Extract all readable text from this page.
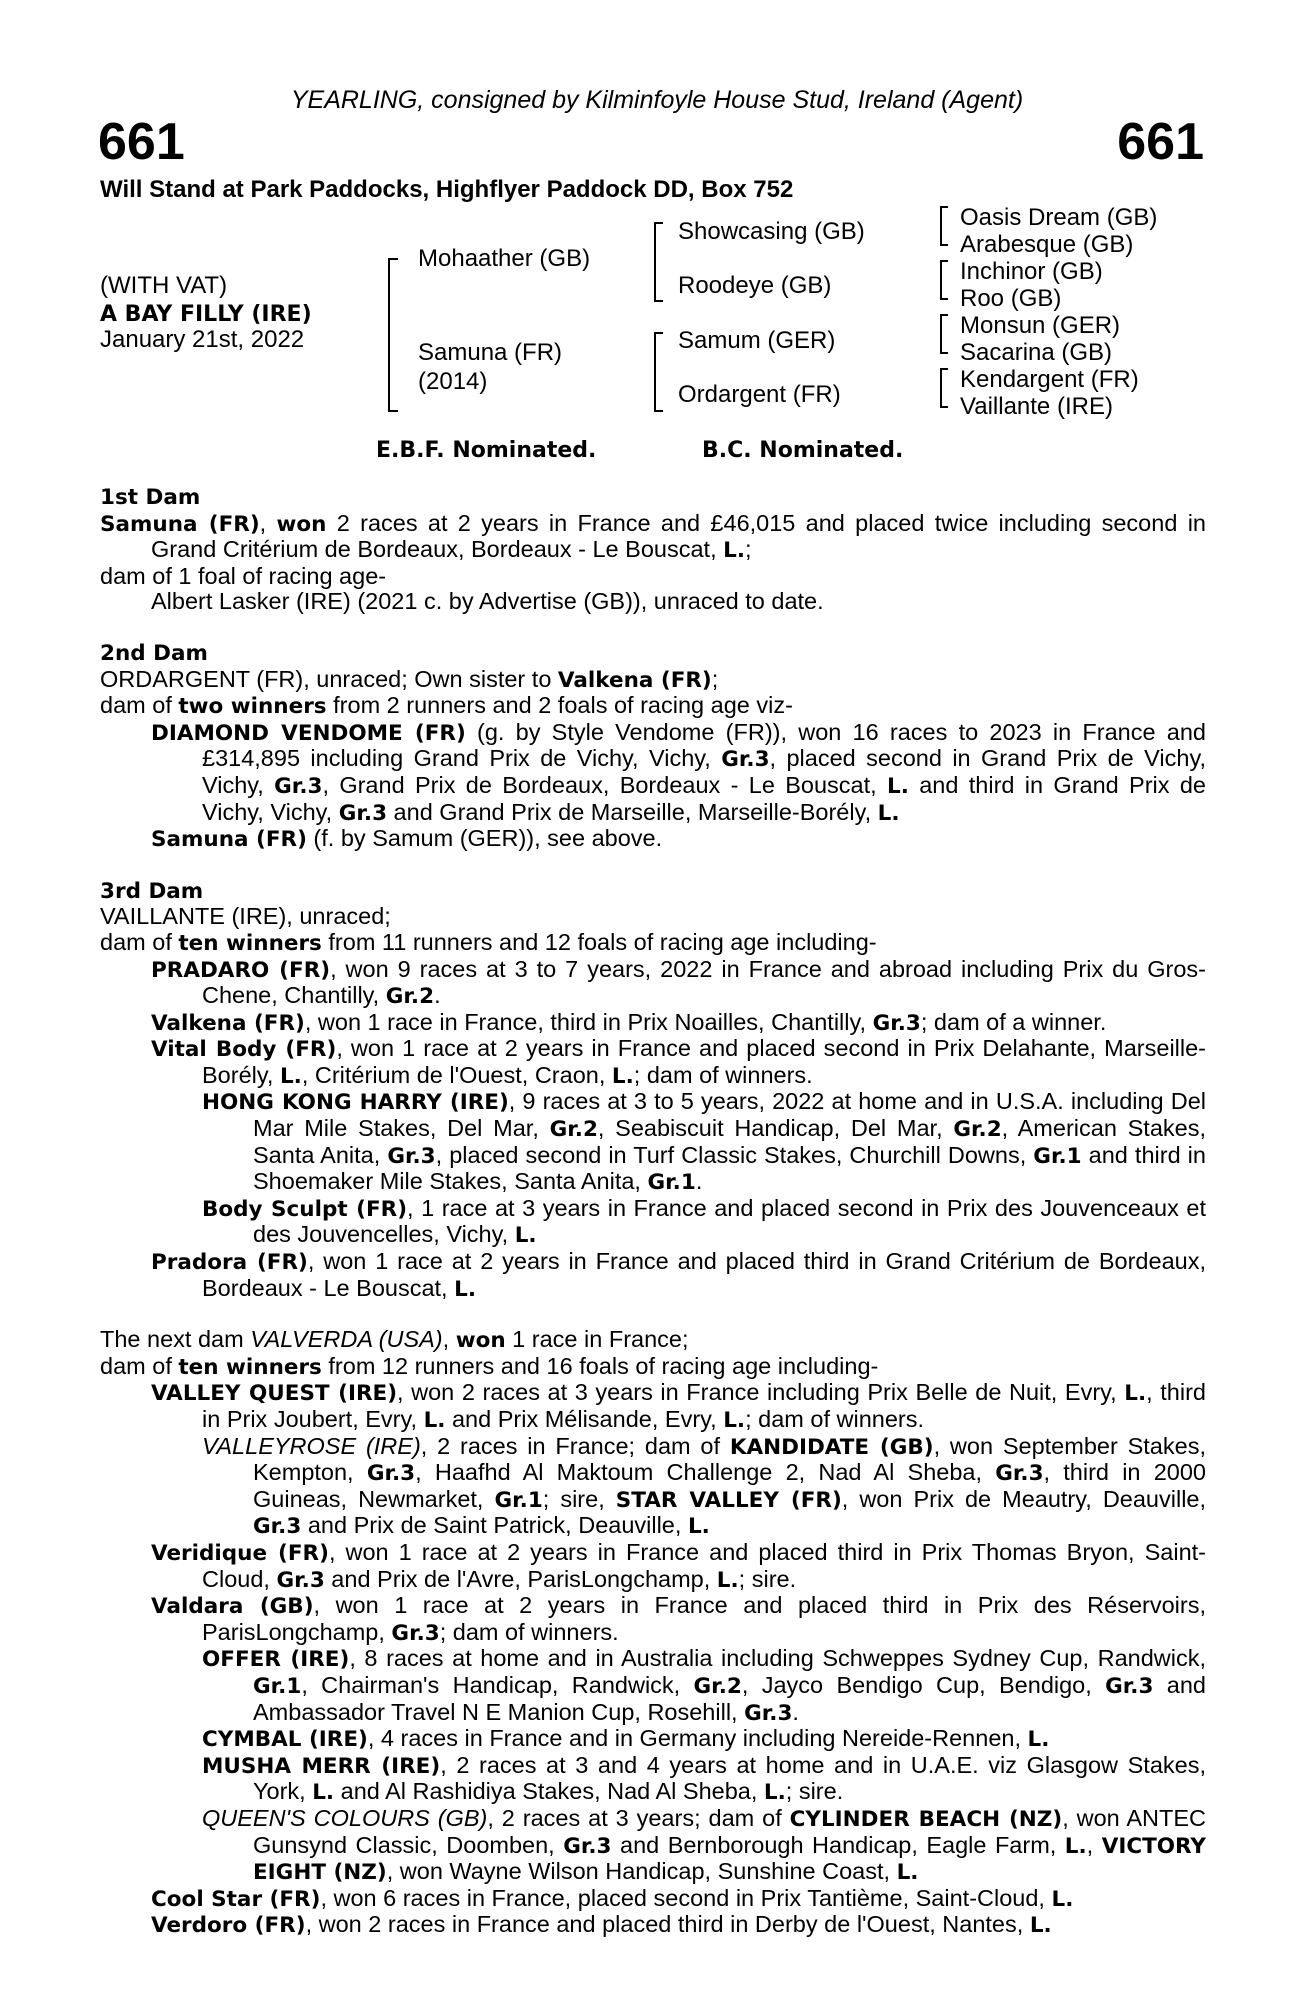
YEARLING, consigned by Kilminfoyle House Stud, Ireland (Agent)
661	661
Will Stand at Park Paddocks, Highflyer Paddock DD, Box 752
(WITH VAT)
A BAY FILLY (IRE)
January 21st, 2022
Mohaather (GB)
Samuna (FR)
(2014)
Showcasing (GB)
Roodeye (GB)
Samum (GER)
Ordargent (FR)
Oasis Dream (GB)
Arabesque (GB)
Inchinor (GB)
Roo (GB)
Monsun (GER)
Sacarina (GB)
Kendargent (FR)
Vaillante (IRE)
E.B.F. Nominated.	B.C. Nominated.

1st Dam

Samuna (FR), won 2 races at 2 years in France and £46,015 and placed twice including second in Grand Critérium de Bordeaux, Bordeaux - Le Bouscat, L.;

dam of 1 foal of racing age-

Albert Lasker (IRE) (2021 c. by Advertise (GB)), unraced to date.

2nd Dam

ORDARGENT (FR), unraced; Own sister to Valkena (FR);

dam of two winners from 2 runners and 2 foals of racing age viz-

DIAMOND VENDOME (FR) (g. by Style Vendome (FR)), won 16 races to 2023 in France and £314,895 including Grand Prix de Vichy, Vichy, Gr.3, placed second in Grand Prix de Vichy, Vichy, Gr.3, Grand Prix de Bordeaux, Bordeaux - Le Bouscat, L. and third in Grand Prix de Vichy, Vichy, Gr.3 and Grand Prix de Marseille, Marseille-Borély, L.

Samuna (FR) (f. by Samum (GER)), see above.

3rd Dam

VAILLANTE (IRE), unraced;

dam of ten winners from 11 runners and 12 foals of racing age including-

PRADARO (FR), won 9 races at 3 to 7 years, 2022 in France and abroad including Prix du Gros-Chene, Chantilly, Gr.2.

Valkena (FR), won 1 race in France, third in Prix Noailles, Chantilly, Gr.3; dam of a winner.

Vital Body (FR), won 1 race at 2 years in France and placed second in Prix Delahante, Marseille-Borély, L., Critérium de l'Ouest, Craon, L.; dam of winners.

HONG KONG HARRY (IRE), 9 races at 3 to 5 years, 2022 at home and in U.S.A. including Del Mar Mile Stakes, Del Mar, Gr.2, Seabiscuit Handicap, Del Mar, Gr.2, American Stakes, Santa Anita, Gr.3, placed second in Turf Classic Stakes, Churchill Downs, Gr.1 and third in Shoemaker Mile Stakes, Santa Anita, Gr.1.

Body Sculpt (FR), 1 race at 3 years in France and placed second in Prix des Jouvenceaux et des Jouvencelles, Vichy, L.

Pradora (FR), won 1 race at 2 years in France and placed third in Grand Critérium de Bordeaux, Bordeaux - Le Bouscat, L.

The next dam VALVERDA (USA), won 1 race in France;

dam of ten winners from 12 runners and 16 foals of racing age including-

VALLEY QUEST (IRE), won 2 races at 3 years in France including Prix Belle de Nuit, Evry, L., third in Prix Joubert, Evry, L. and Prix Mélisande, Evry, L.; dam of winners.

VALLEYROSE (IRE), 2 races in France; dam of KANDIDATE (GB), won September Stakes, Kempton, Gr.3, Haafhd Al Maktoum Challenge 2, Nad Al Sheba, Gr.3, third in 2000 Guineas, Newmarket, Gr.1; sire, STAR VALLEY (FR), won Prix de Meautry, Deauville, Gr.3 and Prix de Saint Patrick, Deauville, L.

Veridique (FR), won 1 race at 2 years in France and placed third in Prix Thomas Bryon, Saint-Cloud, Gr.3 and Prix de l'Avre, ParisLongchamp, L.; sire.

Valdara (GB), won 1 race at 2 years in France and placed third in Prix des Réservoirs, ParisLongchamp, Gr.3; dam of winners.

OFFER (IRE), 8 races at home and in Australia including Schweppes Sydney Cup, Randwick, Gr.1, Chairman's Handicap, Randwick, Gr.2, Jayco Bendigo Cup, Bendigo, Gr.3 and Ambassador Travel N E Manion Cup, Rosehill, Gr.3.

CYMBAL (IRE), 4 races in France and in Germany including Nereide-Rennen, L.

MUSHA MERR (IRE), 2 races at 3 and 4 years at home and in U.A.E. viz Glasgow Stakes, York, L. and Al Rashidiya Stakes, Nad Al Sheba, L.; sire.

QUEEN'S COLOURS (GB), 2 races at 3 years; dam of CYLINDER BEACH (NZ), won ANTEC Gunsynd Classic, Doomben, Gr.3 and Bernborough Handicap, Eagle Farm, L., VICTORY EIGHT (NZ), won Wayne Wilson Handicap, Sunshine Coast, L.

Cool Star (FR), won 6 races in France, placed second in Prix Tantième, Saint-Cloud, L.

Verdoro (FR), won 2 races in France and placed third in Derby de l'Ouest, Nantes, L.
